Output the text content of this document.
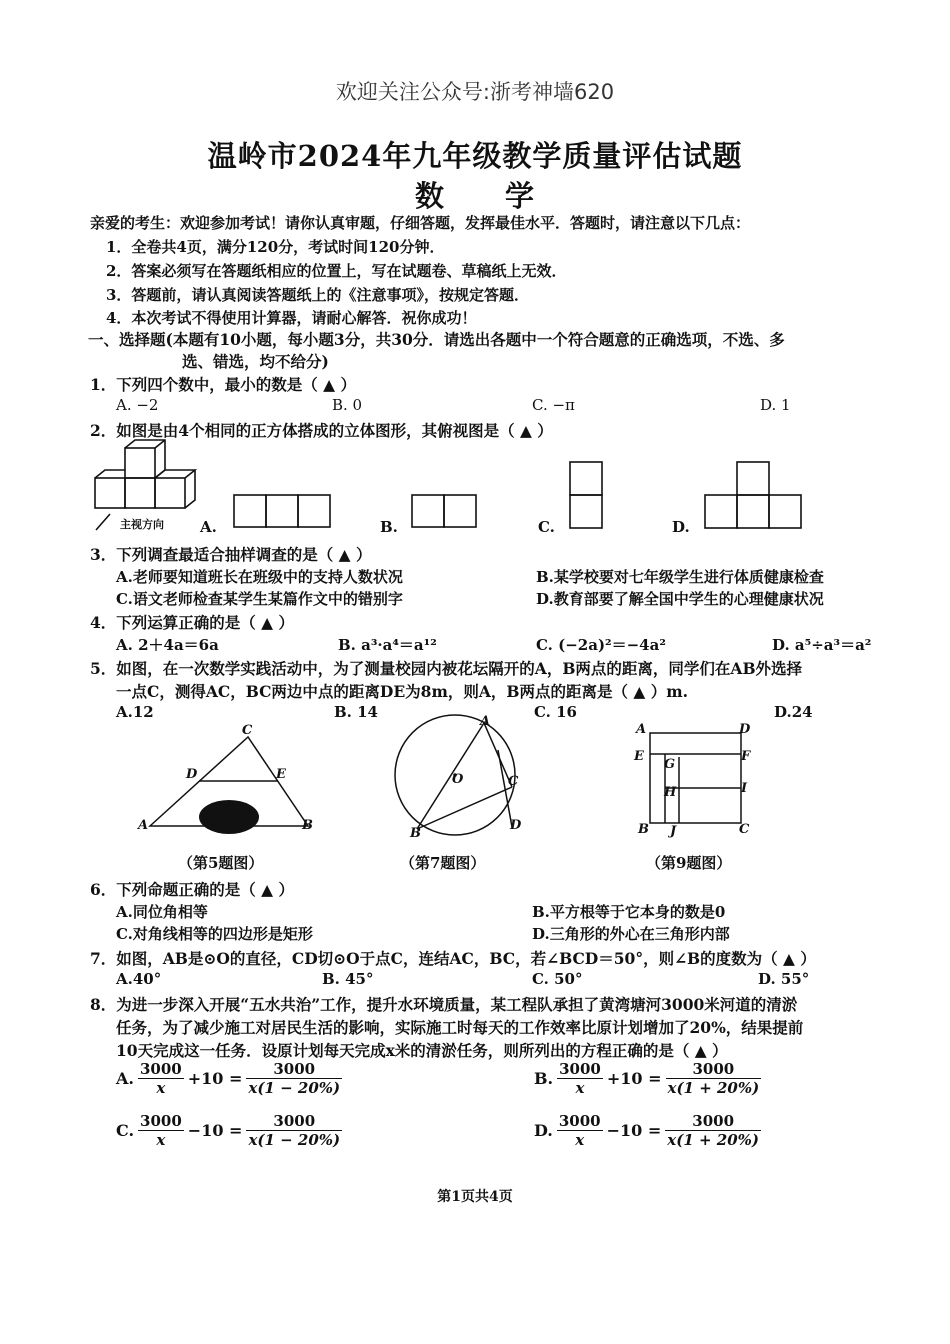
欢迎关注公众号:浙考神墙620
温岭市2024年九年级教学质量评估试题
数　　学
亲爱的考生：欢迎参加考试！请你认真审题，仔细答题，发挥最佳水平．答题时，请注意以下几点：
1．全卷共4页，满分120分，考试时间120分钟．
2．答案必须写在答题纸相应的位置上，写在试题卷、草稿纸上无效．
3．答题前，请认真阅读答题纸上的《注意事项》，按规定答题．
4．本次考试不得使用计算器，请耐心解答．祝你成功！
一、选择题(本题有10小题，每小题3分，共30分．请选出各题中一个符合题意的正确选项，不选、多
选、错选，均不给分)
1．下列四个数中，最小的数是（ ▲ ）
A. −2	B. 0	C. −π	D. 1
2．如图是由4个相同的正方体搭成的立体图形，其俯视图是（ ▲ ）
主视方向 A.	B.	C.	D.
3．下列调查最适合抽样调查的是（ ▲ ）
A.老师要知道班长在班级中的支持人数状况	B.某学校要对七年级学生进行体质健康检查
C.语文老师检查某学生某篇作文中的错别字	D.教育部要了解全国中学生的心理健康状况
4．下列运算正确的是（ ▲ ）
A. 2＋4a＝6a	B. a³·a⁴＝a¹²	C. (−2a)²＝−4a²	D. a⁵÷a³＝a²
5．如图，在一次数学实践活动中，为了测量校园内被花坛隔开的A，B两点的距离，同学们在AB外选择
一点C，测得AC，BC两边中点的距离DE为8m，则A，B两点的距离是（ ▲ ）m.
A.12	B. 14	C. 16	D.24
C
D	E
A	B
（第5题图）
A
O	C
B
D
（第7题图）
A	D
E	F
G
H	I
B J	C
（第9题图）
6．下列命题正确的是（ ▲ ）
A.同位角相等	B.平方根等于它本身的数是0
C.对角线相等的四边形是矩形	D.三角形的外心在三角形内部
7．如图，AB是⊙O的直径，CD切⊙O于点C，连结AC，BC，若∠BCD＝50°，则∠B的度数为（ ▲ ）
A.40°	B. 45°	C. 50°	D. 55°
8．为进一步深入开展“五水共治”工作，提升水环境质量，某工程队承担了黄湾塘河3000米河道的清淤
任务，为了减少施工对居民生活的影响，实际施工时每天的工作效率比原计划增加了20%，结果提前
10天完成这一任务．设原计划每天完成x米的清淤任务，则所列出的方程正确的是（ ▲ ）
A. $\frac{3000}{x} +10 = \frac{3000}{x(1 - 20\%)}$	B. $\frac{3000}{x} +10 = \frac{3000}{x(1 + 20\%)}$
C. $\frac{3000}{x} -10 = \frac{3000}{x(1 - 20\%)}$	D. $\frac{3000}{x} -10 = \frac{3000}{x(1 + 20\%)}$
第1页共4页
